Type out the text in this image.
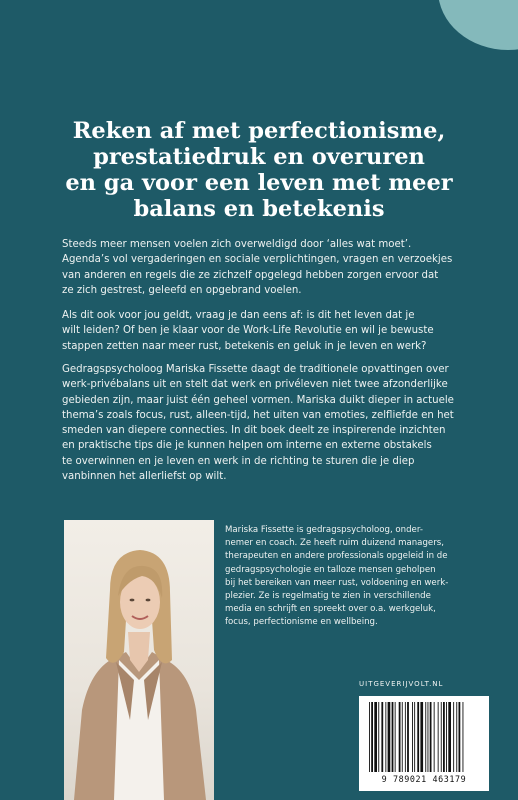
Reken af met perfectionisme,
prestatiedruk en overuren
en ga voor een leven met meer
balans en betekenis

Steeds meer mensen voelen zich overweldigd door ‘alles wat moet’.
Agenda’s vol vergaderingen en sociale verplichtingen, vragen en verzoekjes
van anderen en regels die ze zichzelf opgelegd hebben zorgen ervoor dat
ze zich gestrest, geleefd en opgebrand voelen.

Als dit ook voor jou geldt, vraag je dan eens af: is dit het leven dat je
wilt leiden? Of ben je klaar voor de Work-Life Revolutie en wil je bewuste
stappen zetten naar meer rust, betekenis en geluk in je leven en werk?

Gedragspsycholoog Mariska Fissette daagt de traditionele opvattingen over
werk-privébalans uit en stelt dat werk en privéleven niet twee afzonderlijke
gebieden zijn, maar juist één geheel vormen. Mariska duikt dieper in actuele
thema’s zoals focus, rust, alleen-tijd, het uiten van emoties, zelfliefde en het
smeden van diepere connecties. In dit boek deelt ze inspirerende inzichten
en praktische tips die je kunnen helpen om interne en externe obstakels
te overwinnen en je leven en werk in de richting te sturen die je diep
vanbinnen het allerliefst op wilt.

Mariska Fissette is gedragspsycholoog, onder-
nemer en coach. Ze heeft ruim duizend managers,
therapeuten en andere professionals opgeleid in de
gedragspsychologie en talloze mensen geholpen
bij het bereiken van meer rust, voldoening en werk-
plezier. Ze is regelmatig te zien in verschillende
media en schrijft en spreekt over o.a. werkgeluk,
focus, perfectionisme en wellbeing.

UITGEVERIJVOLT.NL
9 789021 463179
